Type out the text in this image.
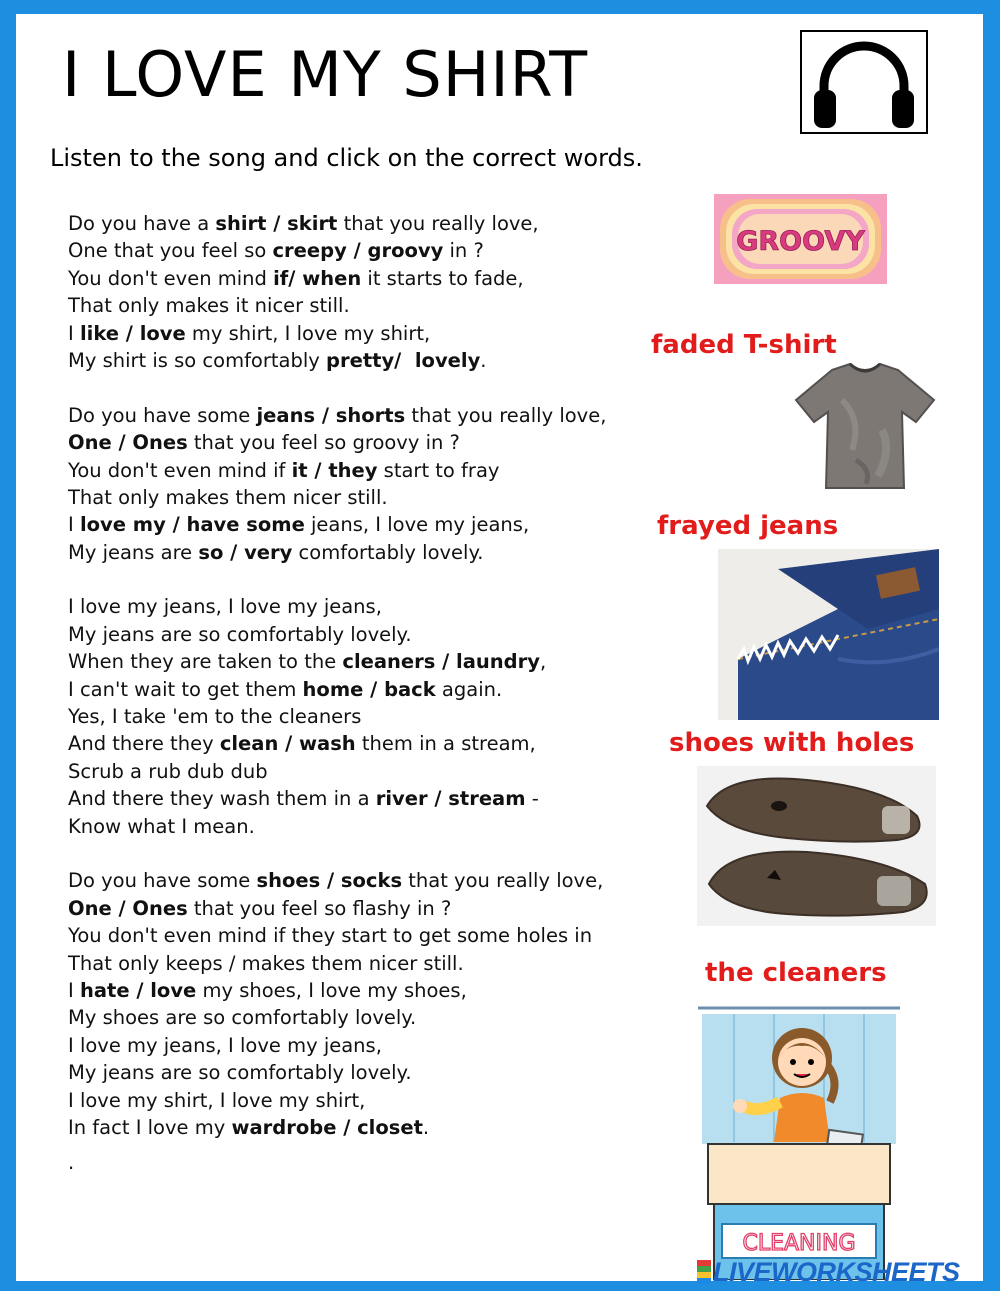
I LOVE MY SHIRT
Listen to the song and click on the correct words.
Do you have a shirt / skirt that you really love,
One that you feel so creepy / groovy in ?
You don't even mind if/ when it starts to fade,
That only makes it nicer still.
I like / love my shirt, I love my shirt,
My shirt is so comfortably pretty/  lovely.
Do you have some jeans / shorts that you really love,
One / Ones that you feel so groovy in ?
You don't even mind if it / they start to fray
That only makes them nicer still.
I love my / have some jeans, I love my jeans,
My jeans are so / very comfortably lovely.
I love my jeans, I love my jeans,
My jeans are so comfortably lovely.
When they are taken to the cleaners / laundry,
I can't wait to get them home / back again.
Yes, I take 'em to the cleaners
And there they clean / wash them in a stream,
Scrub a rub dub dub
And there they wash them in a river / stream -
Know what I mean.
Do you have some shoes / socks that you really love,
One / Ones that you feel so flashy in ?
You don't even mind if they start to get some holes in
That only keeps / makes them nicer still.
I hate / love my shoes, I love my shoes,
My shoes are so comfortably lovely.
I love my jeans, I love my jeans,
My jeans are so comfortably lovely.
I love my shirt, I love my shirt,
In fact I love my wardrobe / closet.
.
GROOVY
faded T-shirt
frayed jeans
shoes with holes
the cleaners
CLEANING
LIVEWORKSHEETS
